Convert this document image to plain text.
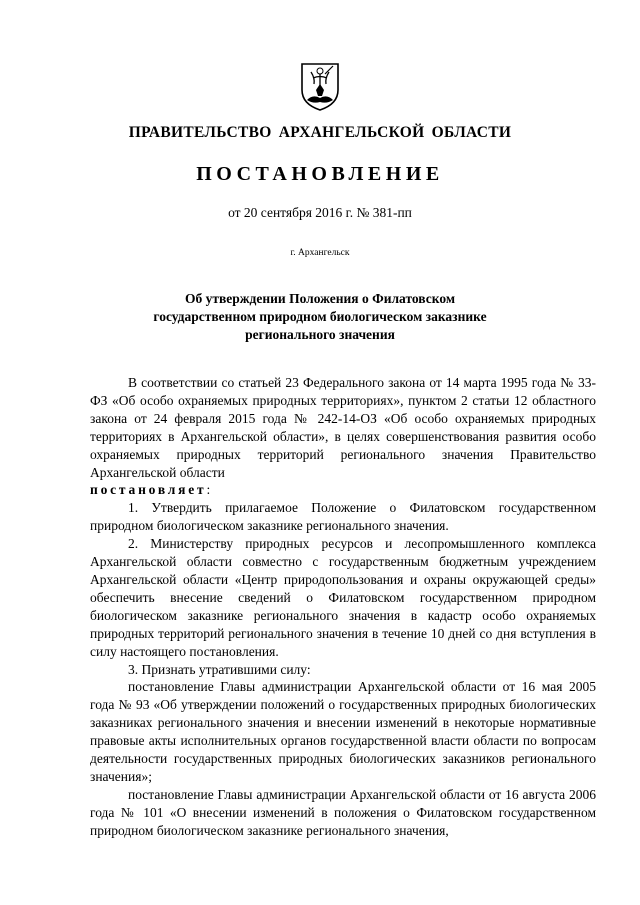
ПРАВИТЕЛЬСТВО АРХАНГЕЛЬСКОЙ ОБЛАСТИ
ПОСТАНОВЛЕНИЕ
от 20 сентября 2016 г. № 381-пп
г. Архангельск
Об утверждении Положения о Филатовском
государственном природном биологическом заказнике
регионального значения

В соответствии со статьей 23 Федерального закона от 14 марта 1995 года № 33-ФЗ «Об особо охраняемых природных территориях», пунктом 2 статьи 12 областного закона от 24 февраля 2015 года № 242-14-ОЗ «Об особо охраняемых природных территориях в Архангельской области», в целях совершенствования развития особо охраняемых природных территорий регионального значения Правительство Архангельской области

постановляет:

1. Утвердить прилагаемое Положение о Филатовском государственном природном биологическом заказнике регионального значения.

2. Министерству природных ресурсов и лесопромышленного комплекса Архангельской области совместно с государственным бюджетным учреждением Архангельской области «Центр природопользования и охраны окружающей среды» обеспечить внесение сведений о Филатовском государственном природном биологическом заказнике регионального значения в кадастр особо охраняемых природных территорий регионального значения в течение 10 дней со дня вступления в силу настоящего постановления.

3. Признать утратившими силу:

постановление Главы администрации Архангельской области от 16 мая 2005 года № 93 «Об утверждении положений о государственных природных биологических заказниках регионального значения и внесении изменений в некоторые нормативные правовые акты исполнительных органов государственной власти области по вопросам деятельности государственных природных биологических заказников регионального значения»;

постановление Главы администрации Архангельской области от 16 августа 2006 года № 101 «О внесении изменений в положения о Филатовском государственном природном биологическом заказнике регионального значения,
